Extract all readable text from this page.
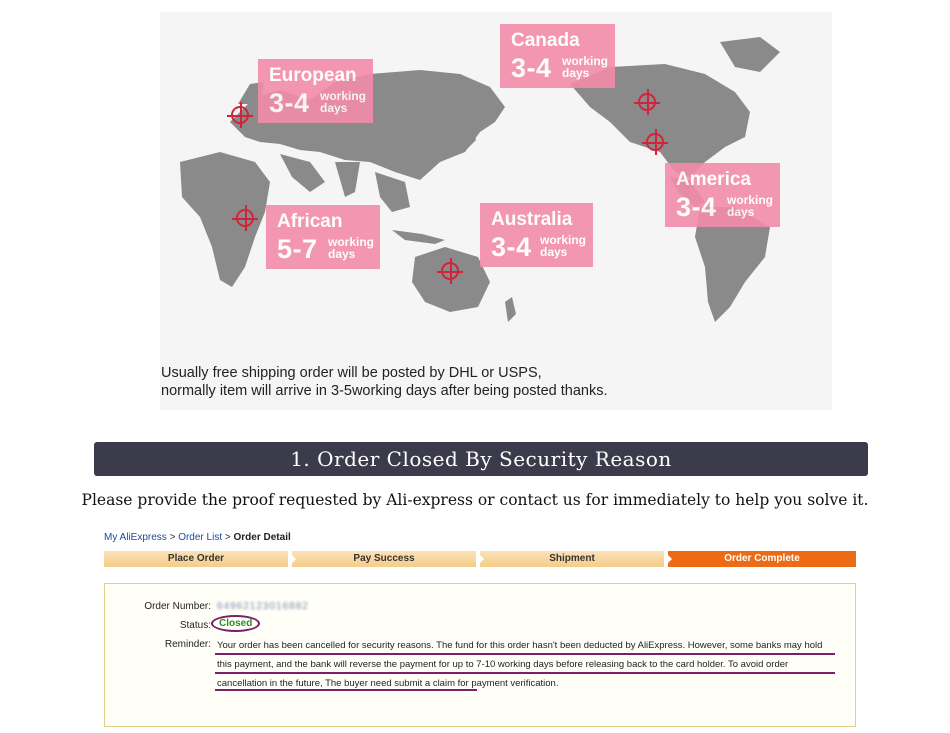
European
3-4 working
days
Canada
3-4 working
days
America
3-4 working
days
African
5-7 working
days
Australia
3-4 working
days
Usually free shipping order will be posted by DHL or USPS,
normally item will arrive in 3-5working days after being posted thanks.
1. Order Closed By Security Reason
Please provide the proof requested by Ali-express or contact us for immediately to help you solve it.
My AliExpress > Order List > Order Detail
Place Order	Pay Success	Shipment	Order Complete
Order Number: 64962123016882
Status: Closed
Reminder: Your order has been cancelled for security reasons. The fund for this order hasn't been deducted by AliExpress. However, some banks may hold this payment, and the bank will reverse the payment for up to 7-10 working days before releasing back to the card holder. To avoid order cancellation in the future, The buyer need submit a claim for payment verification.
